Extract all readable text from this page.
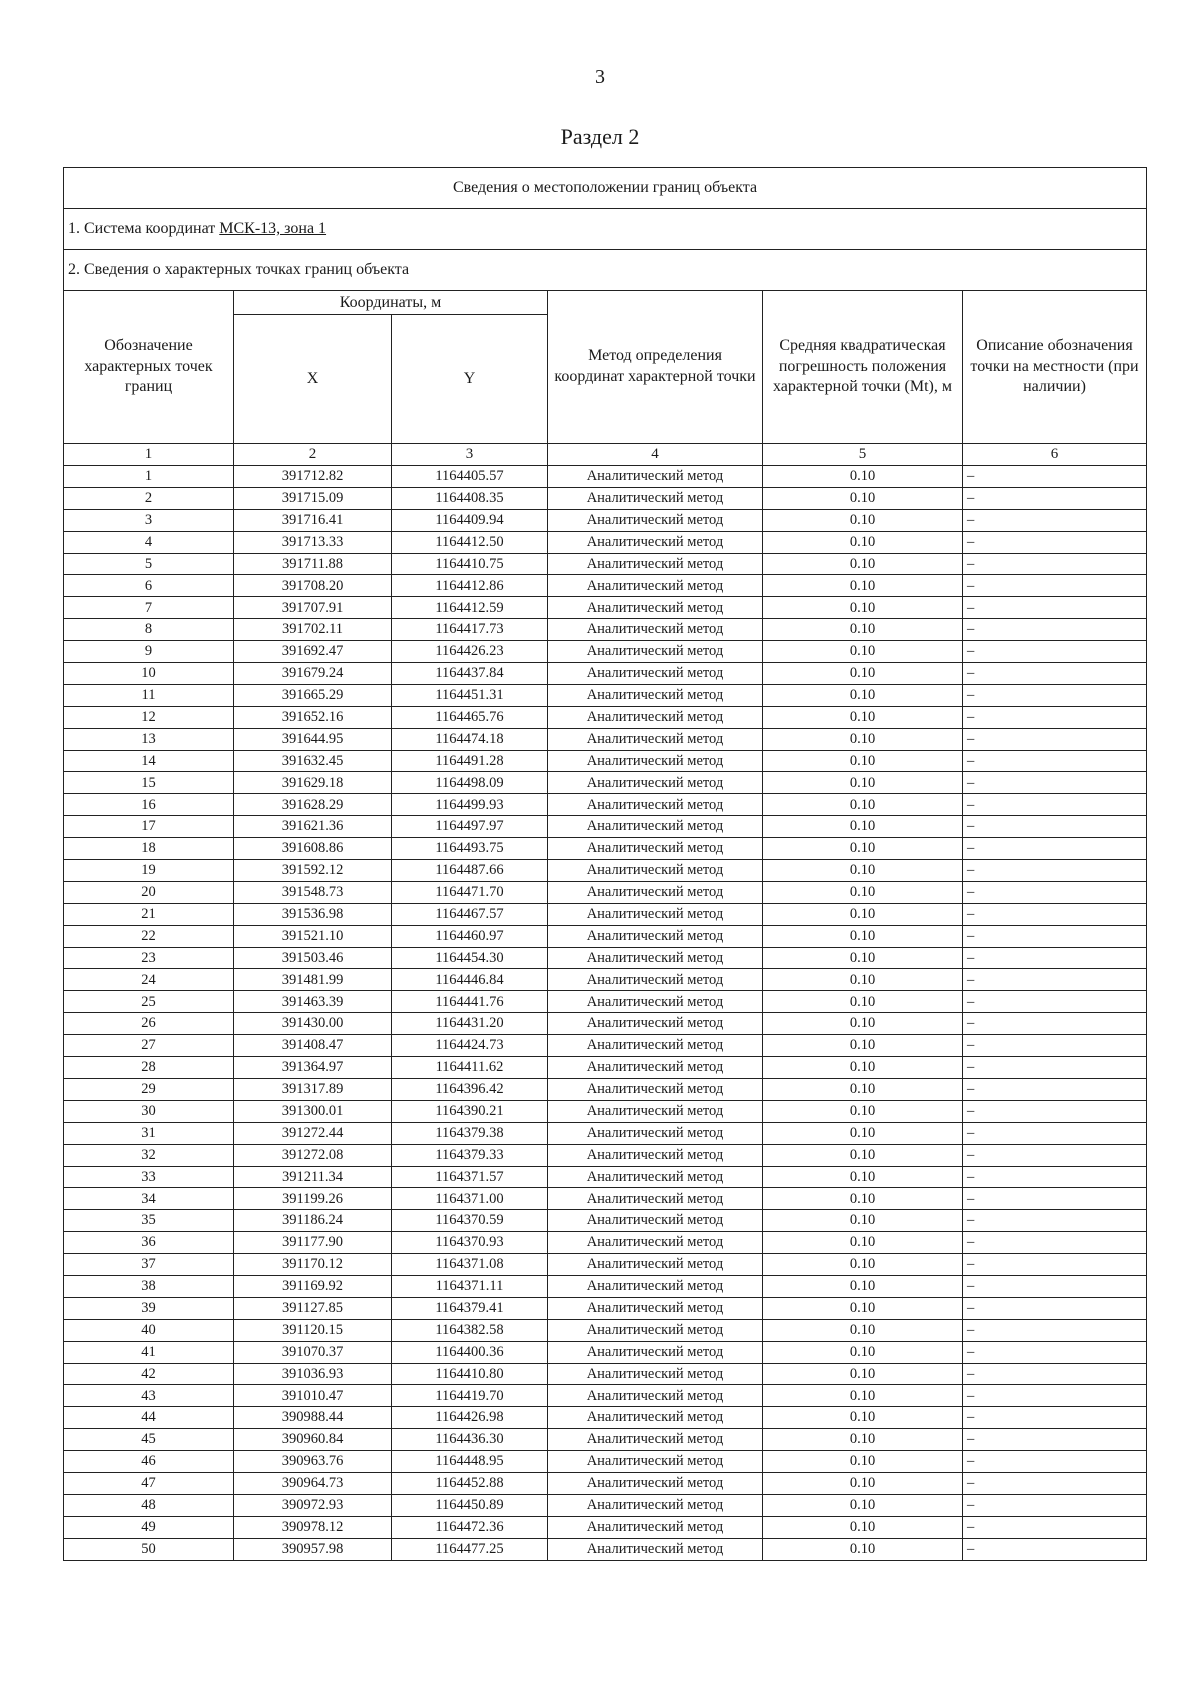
3
Раздел 2
Сведения о местоположении границ объекта					
1. Система координат МСК-13, зона 1					
2. Сведения о характерных точках границ объекта					
Обозначение характерных точек границ	Координаты, м		Метод определения координат характерной точки	Средняя квадратическая погрешность положения характерной точки (Mt), м	Описание обозначения точки на местности (при наличии)
	X	Y			
1	2	3	4	5	6
1	391712.82	1164405.57	Аналитический метод	0.10	–
2	391715.09	1164408.35	Аналитический метод	0.10	–
3	391716.41	1164409.94	Аналитический метод	0.10	–
4	391713.33	1164412.50	Аналитический метод	0.10	–
5	391711.88	1164410.75	Аналитический метод	0.10	–
6	391708.20	1164412.86	Аналитический метод	0.10	–
7	391707.91	1164412.59	Аналитический метод	0.10	–
8	391702.11	1164417.73	Аналитический метод	0.10	–
9	391692.47	1164426.23	Аналитический метод	0.10	–
10	391679.24	1164437.84	Аналитический метод	0.10	–
11	391665.29	1164451.31	Аналитический метод	0.10	–
12	391652.16	1164465.76	Аналитический метод	0.10	–
13	391644.95	1164474.18	Аналитический метод	0.10	–
14	391632.45	1164491.28	Аналитический метод	0.10	–
15	391629.18	1164498.09	Аналитический метод	0.10	–
16	391628.29	1164499.93	Аналитический метод	0.10	–
17	391621.36	1164497.97	Аналитический метод	0.10	–
18	391608.86	1164493.75	Аналитический метод	0.10	–
19	391592.12	1164487.66	Аналитический метод	0.10	–
20	391548.73	1164471.70	Аналитический метод	0.10	–
21	391536.98	1164467.57	Аналитический метод	0.10	–
22	391521.10	1164460.97	Аналитический метод	0.10	–
23	391503.46	1164454.30	Аналитический метод	0.10	–
24	391481.99	1164446.84	Аналитический метод	0.10	–
25	391463.39	1164441.76	Аналитический метод	0.10	–
26	391430.00	1164431.20	Аналитический метод	0.10	–
27	391408.47	1164424.73	Аналитический метод	0.10	–
28	391364.97	1164411.62	Аналитический метод	0.10	–
29	391317.89	1164396.42	Аналитический метод	0.10	–
30	391300.01	1164390.21	Аналитический метод	0.10	–
31	391272.44	1164379.38	Аналитический метод	0.10	–
32	391272.08	1164379.33	Аналитический метод	0.10	–
33	391211.34	1164371.57	Аналитический метод	0.10	–
34	391199.26	1164371.00	Аналитический метод	0.10	–
35	391186.24	1164370.59	Аналитический метод	0.10	–
36	391177.90	1164370.93	Аналитический метод	0.10	–
37	391170.12	1164371.08	Аналитический метод	0.10	–
38	391169.92	1164371.11	Аналитический метод	0.10	–
39	391127.85	1164379.41	Аналитический метод	0.10	–
40	391120.15	1164382.58	Аналитический метод	0.10	–
41	391070.37	1164400.36	Аналитический метод	0.10	–
42	391036.93	1164410.80	Аналитический метод	0.10	–
43	391010.47	1164419.70	Аналитический метод	0.10	–
44	390988.44	1164426.98	Аналитический метод	0.10	–
45	390960.84	1164436.30	Аналитический метод	0.10	–
46	390963.76	1164448.95	Аналитический метод	0.10	–
47	390964.73	1164452.88	Аналитический метод	0.10	–
48	390972.93	1164450.89	Аналитический метод	0.10	–
49	390978.12	1164472.36	Аналитический метод	0.10	–
50	390957.98	1164477.25	Аналитический метод	0.10	–
